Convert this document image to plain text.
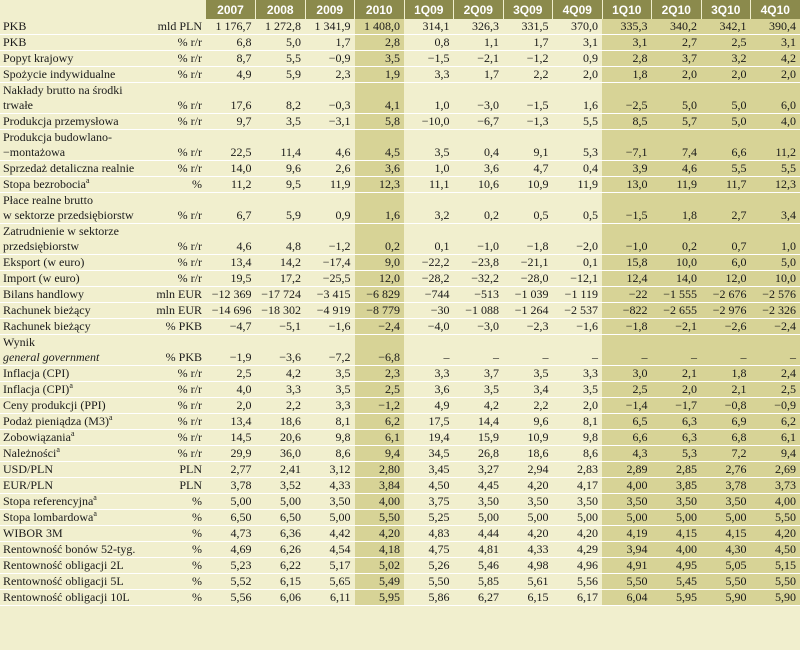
		2007	2008	2009	2010	1Q09	2Q09	3Q09	4Q09	1Q10	2Q10	3Q10	4Q10
PKB	mld PLN	1 176,7	1 272,8	1 341,9	1 408,0	314,1	326,3	331,5	370,0	335,3	340,2	342,1	390,4
PKB	% r/r	6,8	5,0	1,7	2,8	0,8	1,1	1,7	3,1	3,1	2,7	2,5	3,1
Popyt krajowy	% r/r	8,7	5,5	−0,9	3,5	−1,5	−2,1	−1,2	0,9	2,8	3,7	3,2	4,2
Spożycie indywidualne	% r/r	4,9	5,9	2,3	1,9	3,3	1,7	2,2	2,0	1,8	2,0	2,0	2,0

Nakłady brutto na środki
trwałe	% r/r	17,6	8,2	−0,3	4,1	1,0	−3,0	−1,5	1,6	−2,5	5,0	5,0	6,0
Produkcja przemysłowa	% r/r	9,7	3,5	−3,1	5,8	−10,0	−6,7	−1,3	5,5	8,5	5,7	5,0	4,0

Produkcja budowlano-
−montażowa	% r/r	22,5	11,4	4,6	4,5	3,5	0,4	9,1	5,3	−7,1	7,4	6,6	11,2
Sprzedaż detaliczna realnie	% r/r	14,0	9,6	2,6	3,6	1,0	3,6	4,7	0,4	3,9	4,6	5,5	5,5
Stopa bezrobocia$^a$	%	11,2	9,5	11,9	12,3	11,1	10,6	10,9	11,9	13,0	11,9	11,7	12,3

Płace realne brutto
w sektorze przedsiębiorstw	% r/r	6,7	5,9	0,9	1,6	3,2	0,2	0,5	0,5	−1,5	1,8	2,7	3,4

Zatrudnienie w sektorze
przedsiębiorstw	% r/r	4,6	4,8	−1,2	0,2	0,1	−1,0	−1,8	−2,0	−1,0	0,2	0,7	1,0
Eksport (w euro)	% r/r	13,4	14,2	−17,4	9,0	−22,2	−23,8	−21,1	0,1	15,8	10,0	6,0	5,0
Import (w euro)	% r/r	19,5	17,2	−25,5	12,0	−28,2	−32,2	−28,0	−12,1	12,4	14,0	12,0	10,0
Bilans handlowy	mln EUR	−12 369	−17 724	−3 415	−6 829	−744	−513	−1 039	−1 119	−22	−1 555	−2 676	−2 576
Rachunek bieżący	mln EUR	−14 696	−18 302	−4 919	−8 779	−30	−1 088	−1 264	−2 537	−822	−2 655	−2 976	−2 326
Rachunek bieżący	% PKB	−4,7	−5,1	−1,6	−2,4	−4,0	−3,0	−2,3	−1,6	−1,8	−2,1	−2,6	−2,4

Wynik
general government	% PKB	−1,9	−3,6	−7,2	−6,8	–	–	–	–	–	–	–	–
Inflacja (CPI)	% r/r	2,5	4,2	3,5	2,3	3,3	3,7	3,5	3,3	3,0	2,1	1,8	2,4
Inflacja (CPI)$^a$	% r/r	4,0	3,3	3,5	2,5	3,6	3,5	3,4	3,5	2,5	2,0	2,1	2,5
Ceny produkcji (PPI)	% r/r	2,0	2,2	3,3	−1,2	4,9	4,2	2,2	2,0	−1,4	−1,7	−0,8	−0,9
Podaż pieniądza $(M3)^a$	% r/r	13,4	18,6	8,1	6,2	17,5	14,4	9,6	8,1	6,5	6,3	6,9	6,2
Zobowiązania$^a$	% r/r	14,5	20,6	9,8	6,1	19,4	15,9	10,9	9,8	6,6	6,3	6,8	6,1
Należności$^a$	% r/r	29,9	36,0	8,6	9,4	34,5	26,8	18,6	8,6	4,3	5,3	7,2	9,4
USD/PLN	PLN	2,77	2,41	3,12	2,80	3,45	3,27	2,94	2,83	2,89	2,85	2,76	2,69
EUR/PLN	PLN	3,78	3,52	4,33	3,84	4,50	4,45	4,20	4,17	4,00	3,85	3,78	3,73
Stopa referencyjna$^a$	%	5,00	5,00	3,50	4,00	3,75	3,50	3,50	3,50	3,50	3,50	3,50	4,00
Stopa lombardowa$^a$	%	6,50	6,50	5,00	5,50	5,25	5,00	5,00	5,00	5,00	5,00	5,00	5,50
WIBOR 3M	%	4,73	6,36	4,42	4,20	4,83	4,44	4,20	4,20	4,19	4,15	4,15	4,20
Rentowność bonów 52-tyg.	%	4,69	6,26	4,54	4,18	4,75	4,81	4,33	4,29	3,94	4,00	4,30	4,50
Rentowność obligacji 2L	%	5,23	6,22	5,17	5,02	5,26	5,46	4,98	4,96	4,91	4,95	5,05	5,15
Rentowność obligacji 5L	%	5,52	6,15	5,65	5,49	5,50	5,85	5,61	5,56	5,50	5,45	5,50	5,50
Rentowność obligacji 10L	%	5,56	6,06	6,11	5,95	5,86	6,27	6,15	6,17	6,04	5,95	5,90	5,90
